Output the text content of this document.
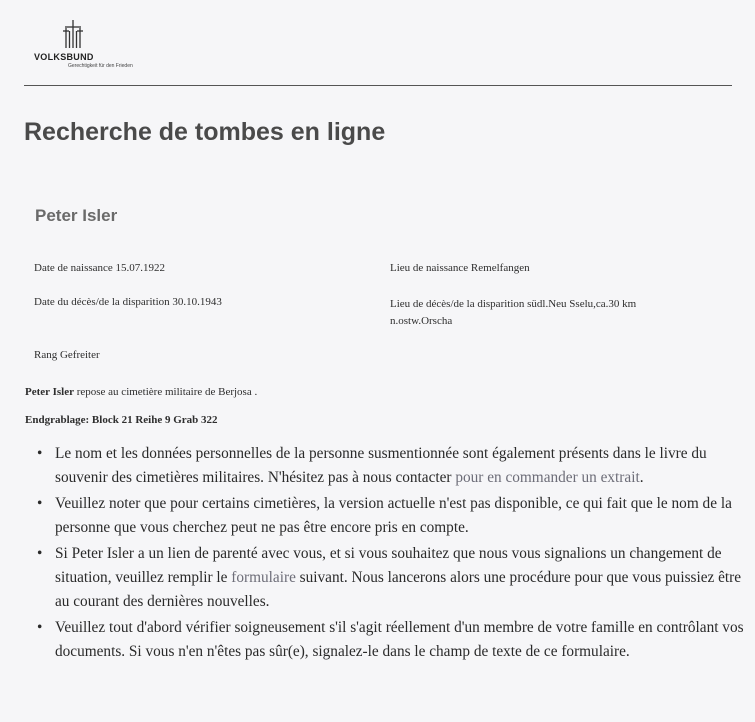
VOLKSBUND
Gerechtigkeit für den Frieden
Recherche de tombes en ligne
Peter Isler
Date de naissance 15.07.1922	Lieu de naissance Remelfangen
Date du décès/de la disparition 30.10.1943	Lieu de décès/de la disparition südl.Neu Sselu,ca.30 km n.ostw.Orscha
Rang Gefreiter
Peter Isler repose au cimetière militaire de Berjosa .
Endgrablage: Block 21 Reihe 9 Grab 322
• Le nom et les données personnelles de la personne susmentionnée sont également présents dans le livre du souvenir des cimetières militaires. N'hésitez pas à nous contacter pour en commander un extrait.
• Veuillez noter que pour certains cimetières, la version actuelle n'est pas disponible, ce qui fait que le nom de la personne que vous cherchez peut ne pas être encore pris en compte.
• Si Peter Isler a un lien de parenté avec vous, et si vous souhaitez que nous vous signalions un changement de situation, veuillez remplir le formulaire suivant. Nous lancerons alors une procédure pour que vous puissiez être au courant des dernières nouvelles.
• Veuillez tout d'abord vérifier soigneusement s'il s'agit réellement d'un membre de votre famille en contrôlant vos documents. Si vous n'en n'êtes pas sûr(e), signalez-le dans le champ de texte de ce formulaire.
